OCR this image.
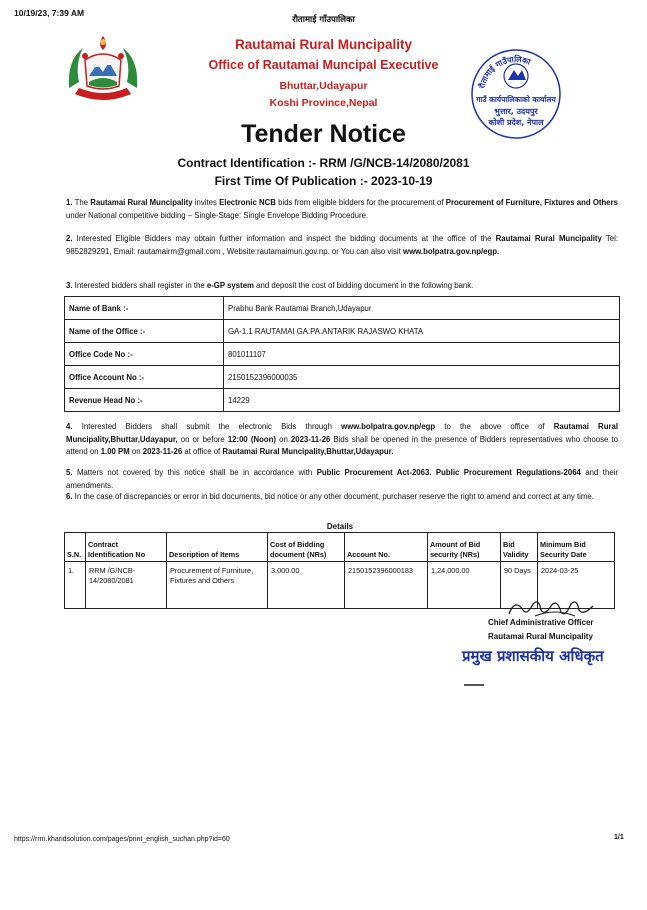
10/19/23, 7:39 AM
रौतामाई गाँउपालिका
रौतामाई गाउँपालिका
गाउँ कार्यपालिकाको कार्यालय
भुत्तार, उदयपुर
कोशी प्रदेश, नेपाल
Rautamai Rural Muncipality
Office of Rautamai Muncipal Executive
Bhuttar,Udayapur
Koshi Province,Nepal
Tender Notice
Contract Identification :- RRM /G/NCB-14/2080/2081
First Time Of Publication :- 2023-10-19
1. The Rautamai Rural Muncipality invites Electronic NCB bids from eligible bidders for the procurement of Procurement of Furniture, Fixtures and Others under National competitive bidding – Single-Stage: Single Envelope Bidding Procedure.
2. Interested Eligible Bidders may obtain further information and inspect the bidding documents at the office of the Rautamai Rural Muncipality Tel: 9852829291, Email: rautamairm@gmail.com , Website:rautamaimun.gov.np. or You can also visit www.bolpatra.gov.np/egp.
3. Interested bidders shall register in the e-GP system and deposit the cost of bidding document in the following bank.
Name of Bank :-	Prabhu Bank Rautamai Branch,Udayapur
Name of the Office :-	GA-1.1 RAUTAMAI GA.PA.ANTARIK RAJASWO KHATA
Office Code No :-	801011107
Office Account No :-	2150152396000035
Revenue Head No :-	14229
4. Interested Bidders shall submit the electronic Bids through www.bolpatra.gov.np/egp to the above office of Rautamai Rural Muncipality,Bhuttar,Udayapur, on or before 12:00 (Noon) on 2023-11-26 Bids shall be opened in the presence of Bidders representatives who choose to attend on 1.00 PM on 2023-11-26 at office of Rautamai Rural Muncipality,Bhuttar,Udayapur.
5. Matters not covered by this notice shall be in accordance with Public Procurement Act-2063. Public Procurement Regulations-2064 and their amendments.
6. In the case of discrepancies or error in bid documents, bid notice or any other document, purchaser reserve the right to amend and correct at any time.
Details
S.N.	Contract Identification No	Description of Items	Cost of Bidding document (NRs)	Account No.	Amount of Bid security (NRs)	Bid Validity	Minimum Bid Security Date
1.	RRM /G/NCB-14/2080/2081	Procurement of Furniture, Fixtures and Others	3,000.00	2150152396000183	1,24,000.00	90 Days	2024-03-25
Chief Administrative Officer
Rautamai Rural Muncipality
प्रमुख प्रशासकीय अधिकृत
https://rrm.kharidsolution.com/pages/print_english_suchan.php?id=60	1/1
